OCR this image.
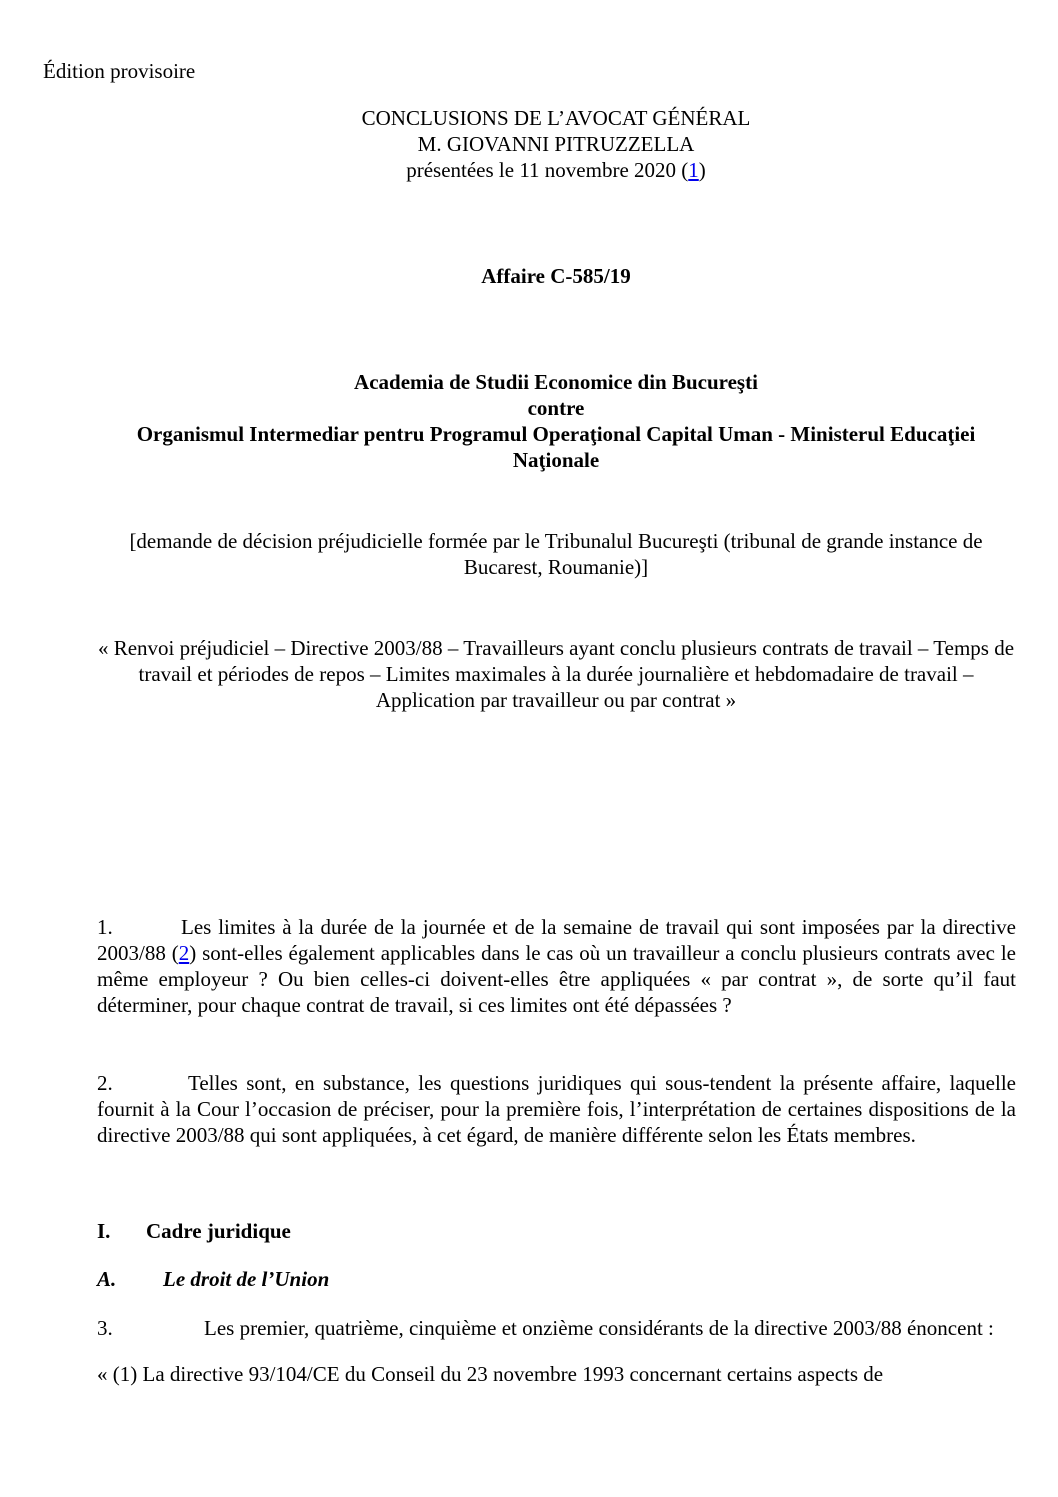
Édition provisoire
CONCLUSIONS DE L’AVOCAT GÉNÉRAL
M. GIOVANNI PITRUZZELLA
présentées le 11 novembre 2020 (1)
Affaire C‑585/19
Academia de Studii Economice din Bucureşti
contre
Organismul Intermediar pentru Programul Operaţional Capital Uman - Ministerul Educaţiei Naţionale
[demande de décision préjudicielle formée par le Tribunalul Bucureşti (tribunal de grande instance de Bucarest, Roumanie)]
« Renvoi préjudiciel – Directive 2003/88 – Travailleurs ayant conclu plusieurs contrats de travail – Temps de travail et périodes de repos – Limites maximales à la durée journalière et hebdomadaire de travail – Application par travailleur ou par contrat »
1.	Les limites à la durée de la journée et de la semaine de travail qui sont imposées par la directive 2003/88 (2) sont-elles également applicables dans le cas où un travailleur a conclu plusieurs contrats avec le même employeur ? Ou bien celles‑ci doivent-elles être appliquées « par contrat », de sorte qu’il faut déterminer, pour chaque contrat de travail, si ces limites ont été dépassées ?
2.	Telles sont, en substance, les questions juridiques qui sous‑tendent la présente affaire, laquelle fournit à la Cour l’occasion de préciser, pour la première fois, l’interprétation de certaines dispositions de la directive 2003/88 qui sont appliquées, à cet égard, de manière différente selon les États membres.
I. Cadre juridique
A. Le droit de l’Union
3.	Les premier, quatrième, cinquième et onzième considérants de la directive 2003/88 énoncent :
« (1) La directive 93/104/CE du Conseil du 23 novembre 1993 concernant certains aspects de
